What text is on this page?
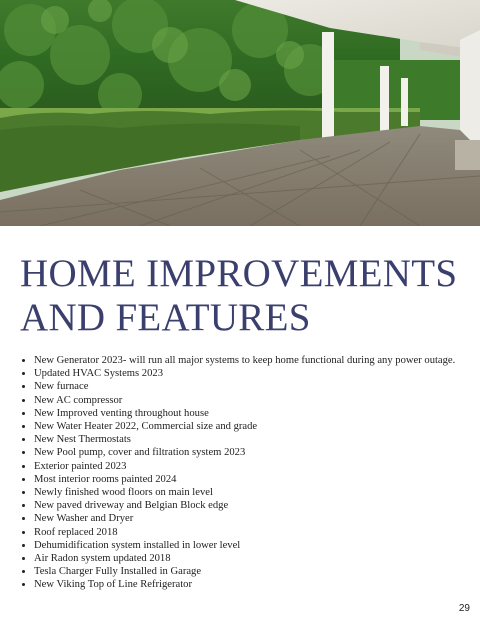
HOME IMPROVEMENTS
AND FEATURES
• New Generator 2023- will run all major systems to keep home functional during any power outage.
• Updated HVAC Systems 2023
• New furnace
• New AC compressor
• New Improved venting throughout house
• New Water Heater 2022, Commercial size and grade
• New Nest Thermostats
• New Pool pump, cover and filtration system 2023
• Exterior painted 2023
• Most interior rooms painted 2024
• Newly finished wood floors on main level
• New paved driveway and Belgian Block edge
• New Washer and Dryer
• Roof replaced 2018
• Dehumidification system installed in lower level
• Air Radon system updated 2018
• Tesla Charger Fully Installed in Garage
• New Viking Top of Line Refrigerator
29
